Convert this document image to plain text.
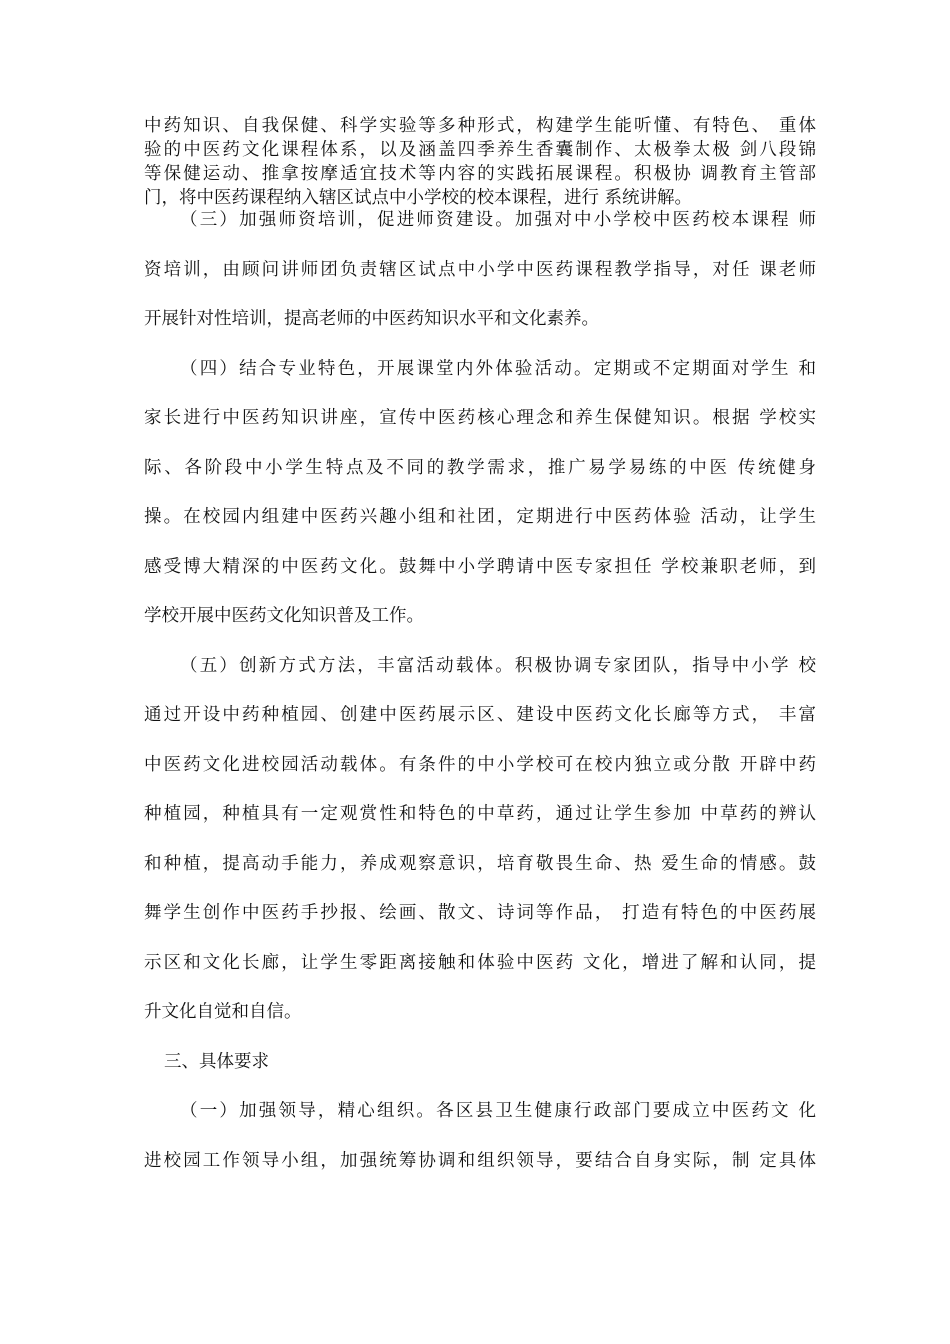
中药知识、自我保健、科学实验等多种形式，构建学生能听懂、有特色、 重体
验的中医药文化课程体系，以及涵盖四季养生香囊制作、太极拳太极 剑八段锦
等保健运动、推拿按摩适宜技术等内容的实践拓展课程。积极协 调教育主管部
门，将中医药课程纳入辖区试点中小学校的校本课程，进行 系统讲解。
（三）加强师资培训，促进师资建设。加强对中小学校中医药校本课程 师
资培训，由顾问讲师团负责辖区试点中小学中医药课程教学指导，对任 课老师
开展针对性培训，提高老师的中医药知识水平和文化素养。
（四）结合专业特色，开展课堂内外体验活动。定期或不定期面对学生 和
家长进行中医药知识讲座，宣传中医药核心理念和养生保健知识。根据 学校实
际、各阶段中小学生特点及不同的教学需求，推广易学易练的中医 传统健身
操。在校园内组建中医药兴趣小组和社团，定期进行中医药体验 活动，让学生
感受博大精深的中医药文化。鼓舞中小学聘请中医专家担任 学校兼职老师，到
学校开展中医药文化知识普及工作。
（五）创新方式方法，丰富活动载体。积极协调专家团队，指导中小学 校
通过开设中药种植园、创建中医药展示区、建设中医药文化长廊等方式， 丰富
中医药文化进校园活动载体。有条件的中小学校可在校内独立或分散 开辟中药
种植园，种植具有一定观赏性和特色的中草药，通过让学生参加 中草药的辨认
和种植，提高动手能力，养成观察意识，培育敬畏生命、热 爱生命的情感。鼓
舞学生创作中医药手抄报、绘画、散文、诗词等作品， 打造有特色的中医药展
示区和文化长廊，让学生零距离接触和体验中医药 文化，增进了解和认同，提
升文化自觉和自信。
三、具体要求
（一）加强领导，精心组织。各区县卫生健康行政部门要成立中医药文 化
进校园工作领导小组，加强统筹协调和组织领导，要结合自身实际，制 定具体
